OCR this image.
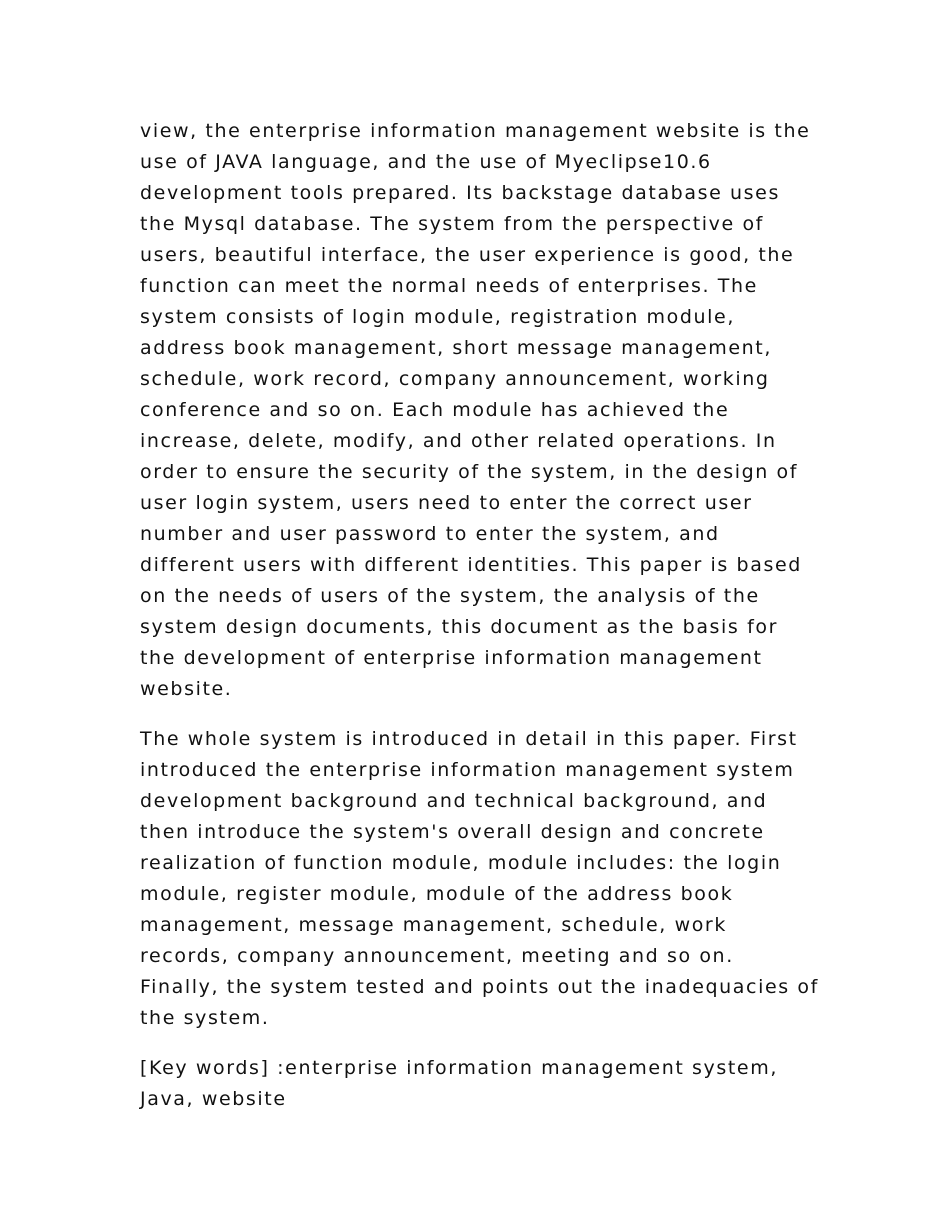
view, the enterprise information management website is the use of JAVA language, and the use of Myeclipse10.6 development tools prepared. Its backstage database uses the Mysql database. The system from the perspective of users, beautiful interface, the user experience is good, the function can meet the normal needs of enterprises. The system consists of login module, registration module, address book management, short message management, schedule, work record, company announcement, working conference and so on. Each module has achieved the increase, delete, modify, and other related operations. In order to ensure the security of the system, in the design of user login system, users need to enter the correct user number and user password to enter the system, and different users with different identities. This paper is based on the needs of users of the system, the analysis of the system design documents, this document as the basis for the development of enterprise information management website.

The whole system is introduced in detail in this paper. First introduced the enterprise information management system development background and technical background, and then introduce the system's overall design and concrete realization of function module, module includes: the login module, register module, module of the address book management, message management, schedule, work records, company announcement, meeting and so on. Finally, the system tested and points out the inadequacies of the system.

[Key words] :enterprise information management system, Java, website
